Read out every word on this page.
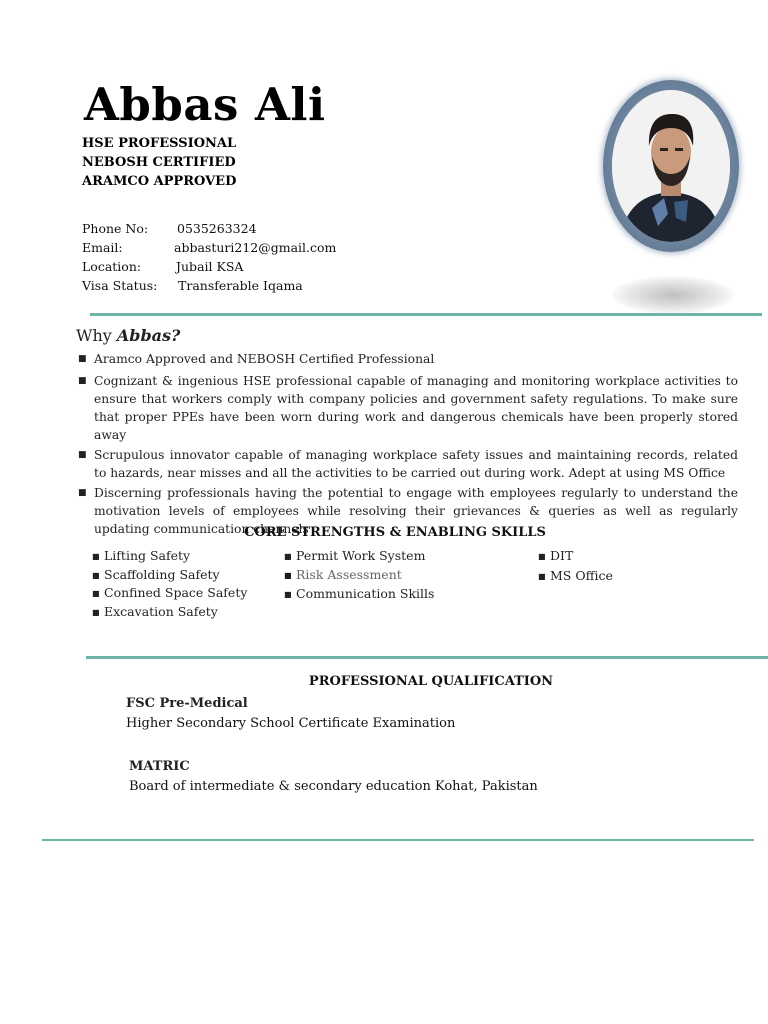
Abbas Ali
HSE PROFESSIONAL
NEBOSH CERTIFIED
ARAMCO APPROVED
Phone No: 0535263324
Email:	abbasturi212@gmail.com
Location:	Jubail KSA
Visa Status: Transferable Iqama
Why Abbas?
■ Aramco Approved and NEBOSH Certified Professional
■ Cognizant & ingenious HSE professional capable of managing and monitoring workplace activities to ensure that workers comply with company policies and government safety regulations. To make sure that proper PPEs have been worn during work and dangerous chemicals have been properly stored away
■ Scrupulous innovator capable of managing workplace safety issues and maintaining records, related to hazards, near misses and all the activities to be carried out during work. Adept at using MS Office
■ Discerning professionals having the potential to engage with employees regularly to understand the motivation levels of employees while resolving their grievances & queries as well as regularly updating communication channels
CORE STRENGTHS & ENABLING SKILLS
■ Lifting Safety
■ Scaffolding Safety
■ Confined Space Safety
■ Excavation Safety
■ Permit Work System
■ Risk Assessment
■ Communication Skills
■ DIT
■ MS Office
PROFESSIONAL QUALIFICATION
FSC Pre-Medical
Higher Secondary School Certificate Examination
MATRIC
Board of intermediate & secondary education Kohat, Pakistan
